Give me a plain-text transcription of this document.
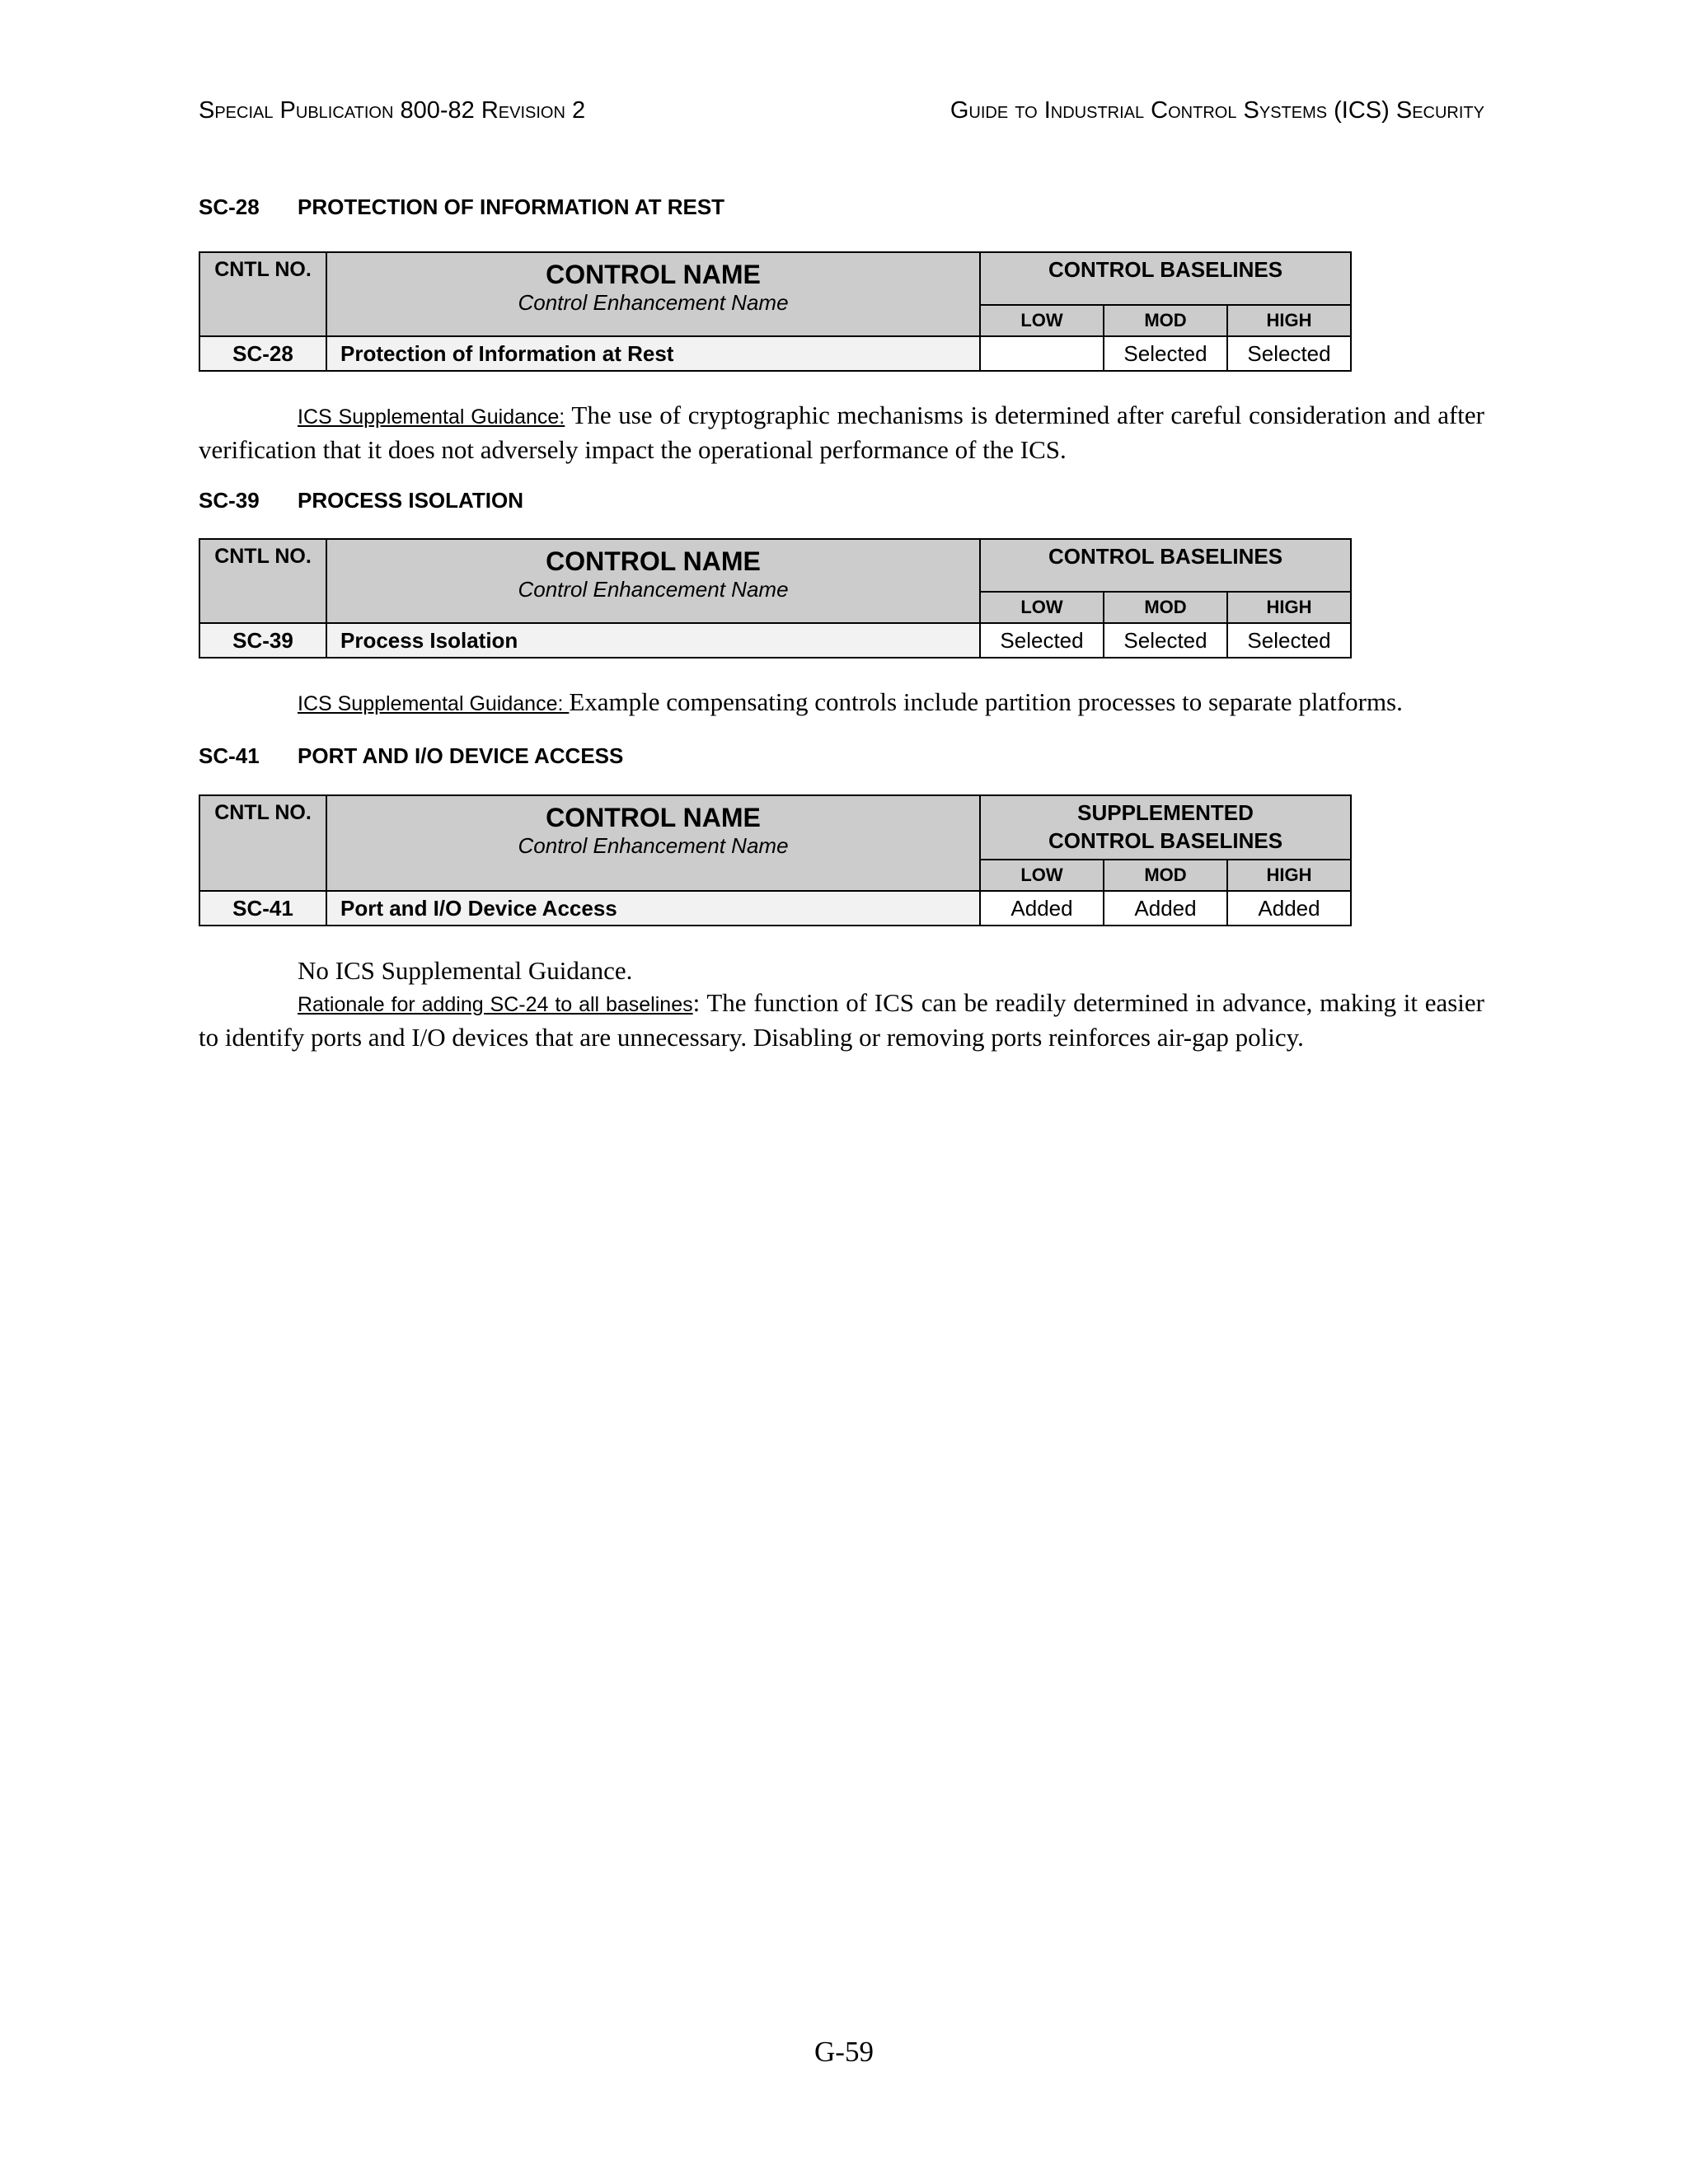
Special Publication 800-82 Revision 2	Guide to Industrial Control Systems (ICS) Security
SC-28 PROTECTION OF INFORMATION AT REST
CNTL NO.	CONTROL NAME
Control Enhancement Name	CONTROL BASELINES		
		LOW	MOD	HIGH
SC-28	Protection of Information at Rest		Selected	Selected

ICS Supplemental Guidance: The use of cryptographic mechanisms is determined after careful consideration and after verification that it does not adversely impact the operational performance of the ICS.

SC-39 PROCESS ISOLATION
CNTL NO.	CONTROL NAME
Control Enhancement Name	CONTROL BASELINES		
		LOW	MOD	HIGH
SC-39	Process Isolation	Selected	Selected	Selected

ICS Supplemental Guidance: Example compensating controls include partition processes to separate platforms.

SC-41 PORT AND I/O DEVICE ACCESS
CNTL NO.	CONTROL NAME
Control Enhancement Name	SUPPLEMENTED
CONTROL BASELINES		

		LOW	MOD	HIGH
SC-41	Port and I/O Device Access	Added	Added	Added

No ICS Supplemental Guidance.

Rationale for adding SC-24 to all baselines: The function of ICS can be readily determined in advance, making it easier to identify ports and I/O devices that are unnecessary. Disabling or removing ports reinforces air-gap policy.

G-59
